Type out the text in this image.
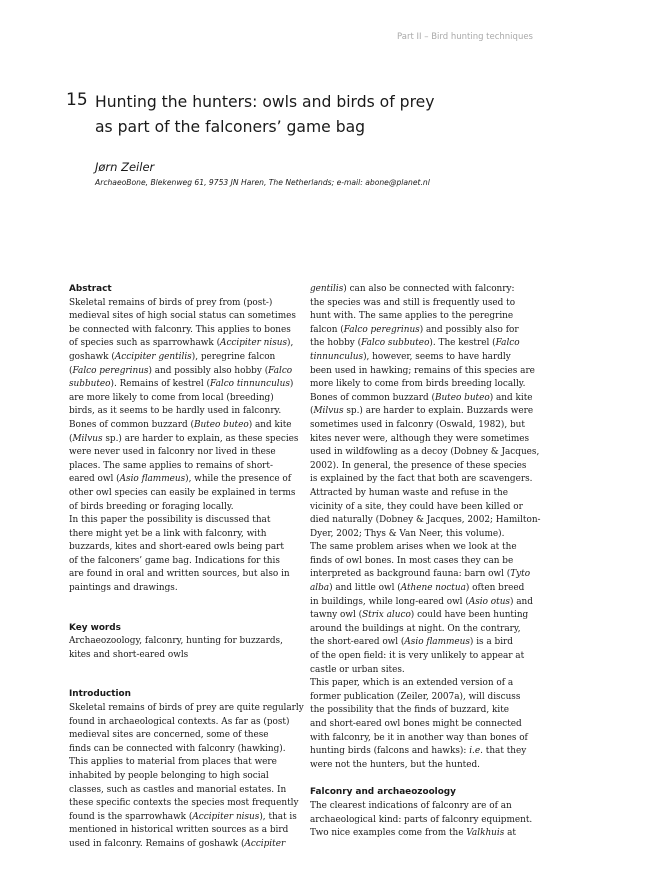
Part II – Bird hunting techniques
15 Hunting the hunters: owls and birds of prey
as part of the falconers’ game bag
Jørn Zeiler
ArchaeoBone, Blekenweg 61, 9753 JN Haren, The Netherlands; e-mail: abone@planet.nl
Abstract

Skeletal remains of birds of prey from (post-)

medieval sites of high social status can sometimes

be connected with falconry. This applies to bones

of species such as sparrowhawk (Accipiter nisus),

goshawk (Accipiter gentilis), peregrine falcon

(Falco peregrinus) and possibly also hobby (Falco

subbuteo). Remains of kestrel (Falco tinnunculus)

are more likely to come from local (breeding)

birds, as it seems to be hardly used in falconry.

Bones of common buzzard (Buteo buteo) and kite

(Milvus sp.) are harder to explain, as these species

were never used in falconry nor lived in these

places. The same applies to remains of short-

eared owl (Asio flammeus), while the presence of

other owl species can easily be explained in terms

of birds breeding or foraging locally.

In this paper the possibility is discussed that

there might yet be a link with falconry, with

buzzards, kites and short-eared owls being part

of the falconers’ game bag. Indications for this

are found in oral and written sources, but also in

paintings and drawings.

Key words

Archaeozoology, falconry, hunting for buzzards,

kites and short-eared owls

Introduction

Skeletal remains of birds of prey are quite regularly

found in archaeological contexts. As far as (post)

medieval sites are concerned, some of these

finds can be connected with falconry (hawking).

This applies to material from places that were

inhabited by people belonging to high social

classes, such as castles and manorial estates. In

these specific contexts the species most frequently

found is the sparrowhawk (Accipiter nisus), that is

mentioned in historical written sources as a bird

used in falconry. Remains of goshawk (Accipiter

gentilis) can also be connected with falconry:

the species was and still is frequently used to

hunt with. The same applies to the peregrine

falcon (Falco peregrinus) and possibly also for

the hobby (Falco subbuteo). The kestrel (Falco

tinnunculus), however, seems to have hardly

been used in hawking; remains of this species are

more likely to come from birds breeding locally.

Bones of common buzzard (Buteo buteo) and kite

(Milvus sp.) are harder to explain. Buzzards were

sometimes used in falconry (Oswald, 1982), but

kites never were, although they were sometimes

used in wildfowling as a decoy (Dobney & Jacques,

2002). In general, the presence of these species

is explained by the fact that both are scavengers.

Attracted by human waste and refuse in the

vicinity of a site, they could have been killed or

died naturally (Dobney & Jacques, 2002; Hamilton-

Dyer, 2002; Thys & Van Neer, this volume).

The same problem arises when we look at the

finds of owl bones. In most cases they can be

interpreted as background fauna: barn owl (Tyto

alba) and little owl (Athene noctua) often breed

in buildings, while long-eared owl (Asio otus) and

tawny owl (Strix aluco) could have been hunting

around the buildings at night. On the contrary,

the short-eared owl (Asio flammeus) is a bird

of the open field: it is very unlikely to appear at

castle or urban sites.

This paper, which is an extended version of a

former publication (Zeiler, 2007a), will discuss

the possibility that the finds of buzzard, kite

and short-eared owl bones might be connected

with falconry, be it in another way than bones of

hunting birds (falcons and hawks): i.e. that they

were not the hunters, but the hunted.

Falconry and archaeozoology

The clearest indications of falconry are of an

archaeological kind: parts of falconry equipment.

Two nice examples come from the Valkhuis at
